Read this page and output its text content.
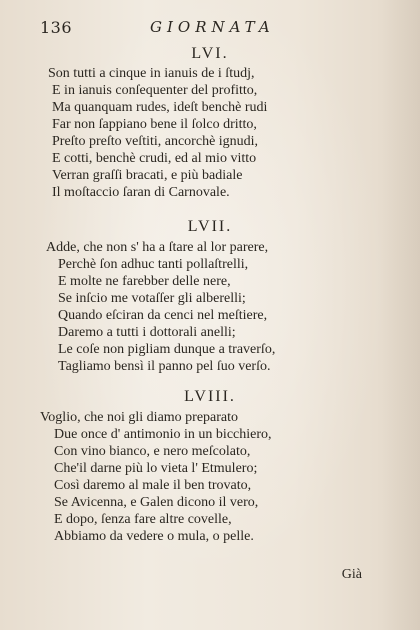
136	GIORNATA
LVI.
Son tutti a cinque in ianuis de i ſtudj,
E in ianuis conſequenter del profitto,
Ma quanquam rudes, ideſt benchè rudi
Far non ſappiano bene il ſolco dritto,
Preſto preſto veſtiti, ancorchè ignudi,
E cotti, benchè crudi, ed al mio vitto
Verran graſſi bracati, e più badiale
Il moſtaccio ſaran di Carnovale.
LVII.
Adde, che non s' ha a ſtare al lor parere,
Perchè ſon adhuc tanti pollaſtrelli,
E molte ne farebber delle nere,
Se inſcio me votaſſer gli alberelli;
Quando eſciran da cenci nel meſtiere,
Daremo a tutti i dottorali anelli;
Le coſe non pigliam dunque a traverſo,
Tagliamo bensì il panno pel ſuo verſo.
LVIII.
Voglio, che noi gli diamo preparato
Due once d' antimonio in un bicchiero,
Con vino bianco, e nero meſcolato,
Che'il darne più lo vieta l' Etmulero;
Così daremo al male il ben trovato,
Se Avicenna, e Galen dicono il vero,
E dopo, ſenza fare altre covelle,
Abbiamo da vedere o mula, o pelle.
Già
